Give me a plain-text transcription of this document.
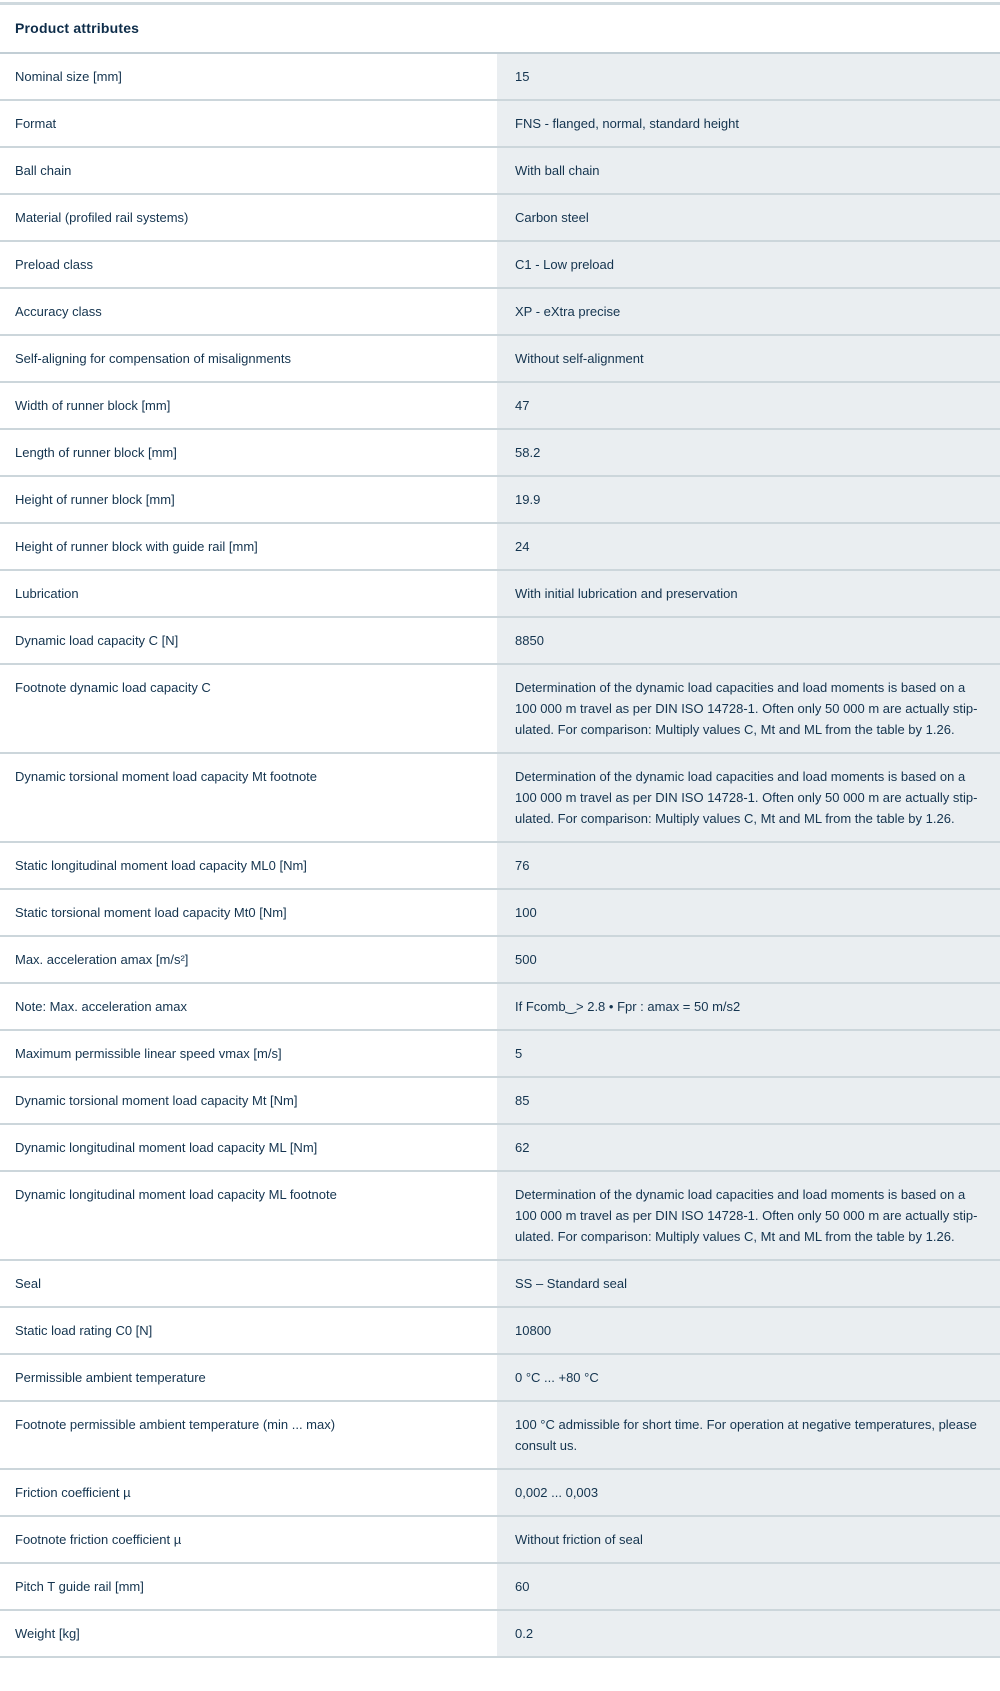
Product attributes
Nominal size [mm]	15
Format	FNS - flanged, normal, standard height
Ball chain	With ball chain
Material (profiled rail systems)	Carbon steel
Preload class	C1 - Low preload
Accuracy class	XP - eXtra precise
Self-aligning for compensation of misalignments	Without self-alignment
Width of runner block [mm]	47
Length of runner block [mm]	58.2
Height of runner block [mm]	19.9
Height of runner block with guide rail [mm]	24
Lubrication	With initial lubrication and preservation
Dynamic load capacity C [N]	8850
Footnote dynamic load capacity C	Determination of the dynamic load capacities and load moments is based on a 100 000 m travel as per DIN ISO 14728-1. Often only 50 000 m are actually stipulated. For comparison: Multiply values C, Mt and ML from the table by 1.26.
Dynamic torsional moment load capacity Mt footnote	Determination of the dynamic load capacities and load moments is based on a 100 000 m travel as per DIN ISO 14728-1. Often only 50 000 m are actually stipulated. For comparison: Multiply values C, Mt and ML from the table by 1.26.
Static longitudinal moment load capacity ML0 [Nm]	76
Static torsional moment load capacity Mt0 [Nm]	100
Max. acceleration amax [m/s²]	500
Note: Max. acceleration amax	If Fcomb‿> 2.8 • Fpr : amax = 50 m/s2
Maximum permissible linear speed vmax [m/s]	5
Dynamic torsional moment load capacity Mt [Nm]	85
Dynamic longitudinal moment load capacity ML [Nm]	62
Dynamic longitudinal moment load capacity ML footnote	Determination of the dynamic load capacities and load moments is based on a 100 000 m travel as per DIN ISO 14728-1. Often only 50 000 m are actually stipulated. For comparison: Multiply values C, Mt and ML from the table by 1.26.
Seal	SS – Standard seal
Static load rating C0 [N]	10800
Permissible ambient temperature	0 °C ... +80 °C
Footnote permissible ambient temperature (min ... max)	100 °C admissible for short time. For operation at negative temperatures, please consult us.
Friction coefficient µ	0,002 ... 0,003
Footnote friction coefficient µ	Without friction of seal
Pitch T guide rail [mm]	60
Weight [kg]	0.2
